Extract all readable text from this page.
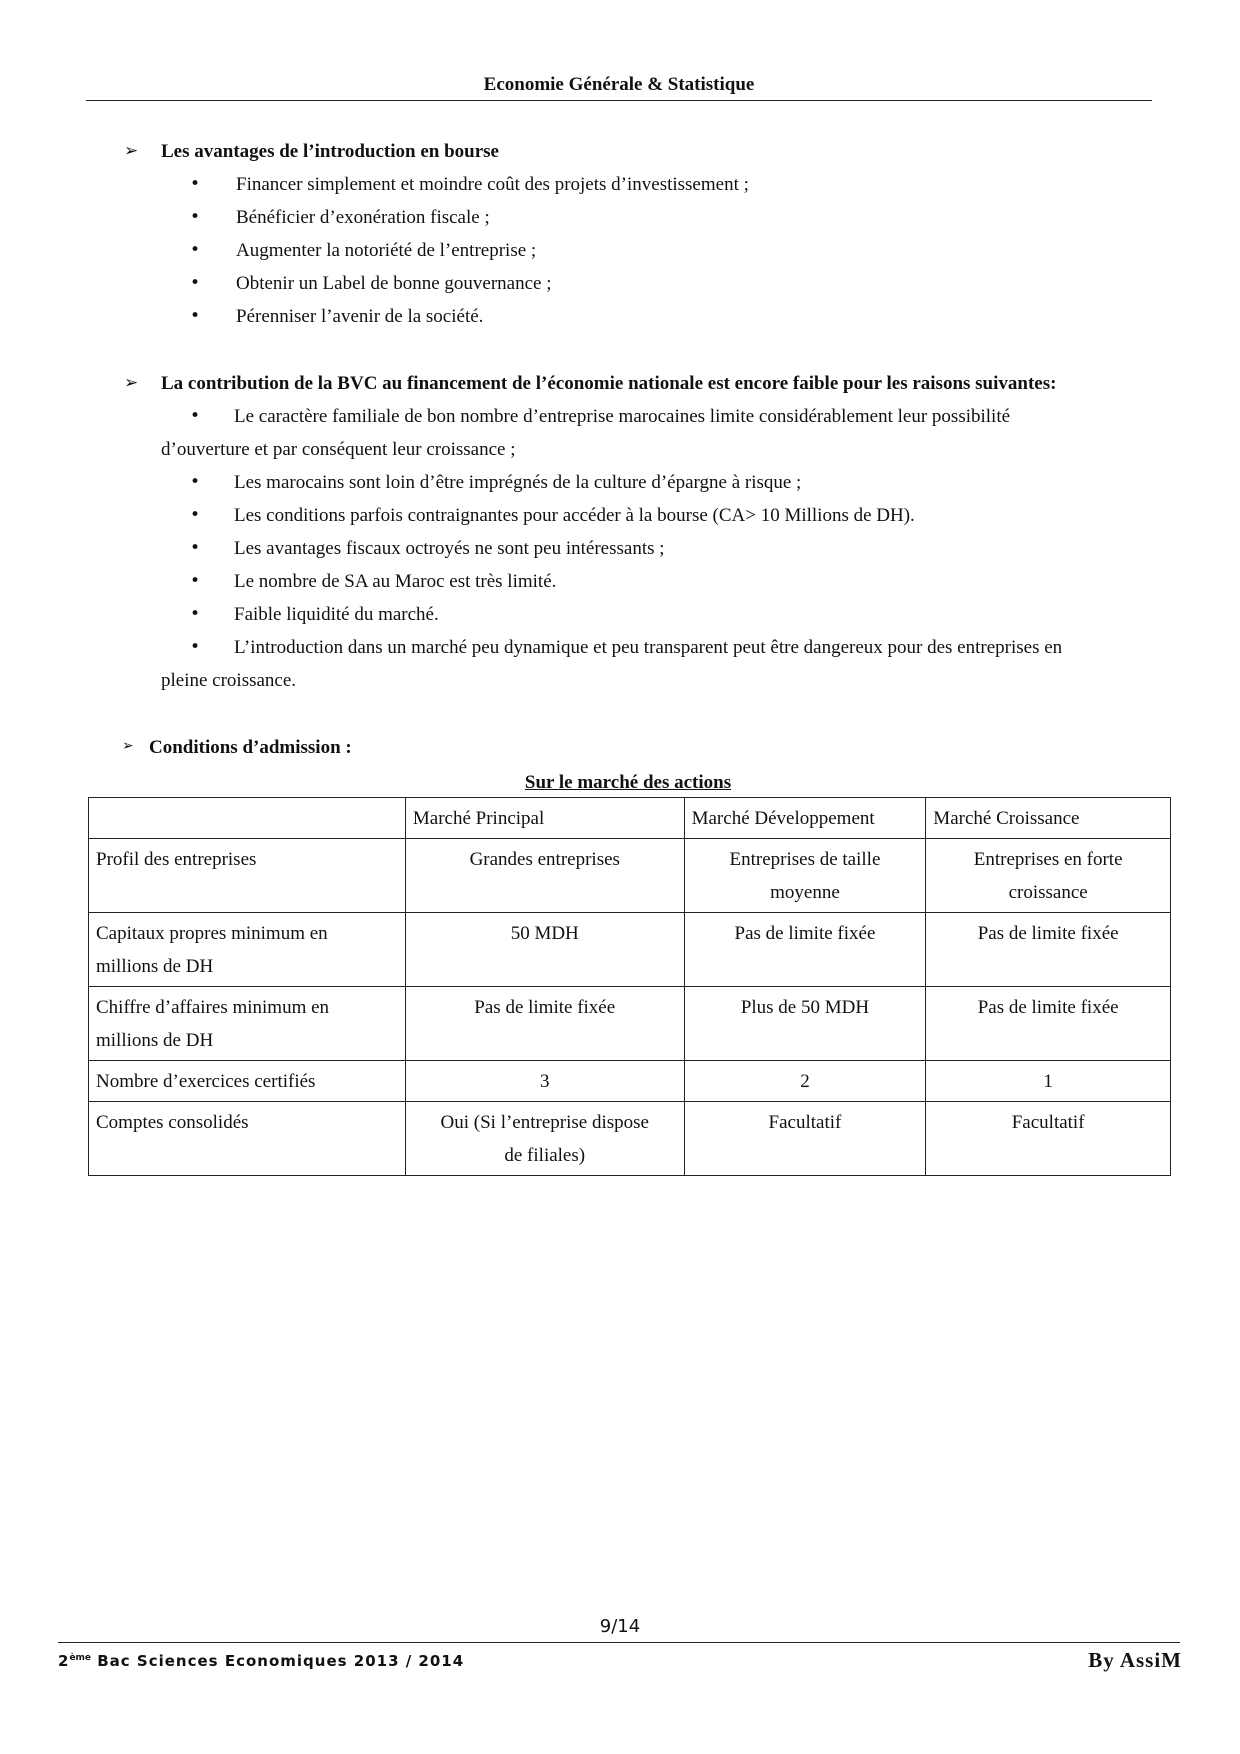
Economie Générale & Statistique
➢ Les avantages de l’introduction en bourse
• Financer simplement et moindre coût des projets d’investissement ;
• Bénéficier d’exonération fiscale ;
• Augmenter la notoriété de l’entreprise ;
• Obtenir un Label de bonne gouvernance ;
• Pérenniser l’avenir de la société.
➢ La contribution de la BVC au financement de l’économie nationale est encore faible pour les raisons suivantes:
• Le caractère familiale de bon nombre d’entreprise marocaines limite considérablement leur possibilité
d’ouverture et par conséquent leur croissance ;
• Les marocains sont loin d’être imprégnés de la culture d’épargne à risque ;
• Les conditions parfois contraignantes pour accéder à la bourse (CA> 10 Millions de DH).
• Les avantages fiscaux octroyés ne sont peu intéressants ;
• Le nombre de SA au Maroc est très limité.
• Faible liquidité du marché.
• L’introduction dans un marché peu dynamique et peu transparent peut être dangereux pour des entreprises en
pleine croissance.
➢ Conditions d’admission :
Sur le marché des actions
	Marché Principal	Marché Développement	Marché Croissance
Profil des entreprises	Grandes entreprises	Entreprises de taille moyenne	Entreprises en forte croissance
Capitaux propres minimum en millions de DH	50 MDH	Pas de limite fixée	Pas de limite fixée
Chiffre d’affaires minimum en millions de DH	Pas de limite fixée	Plus de 50 MDH	Pas de limite fixée
Nombre d’exercices certifiés	3	2	1
Comptes consolidés	Oui (Si l’entreprise dispose de filiales)	Facultatif	Facultatif
9/14
2ème Bac Sciences Economiques 2013 / 2014	By AssiM
